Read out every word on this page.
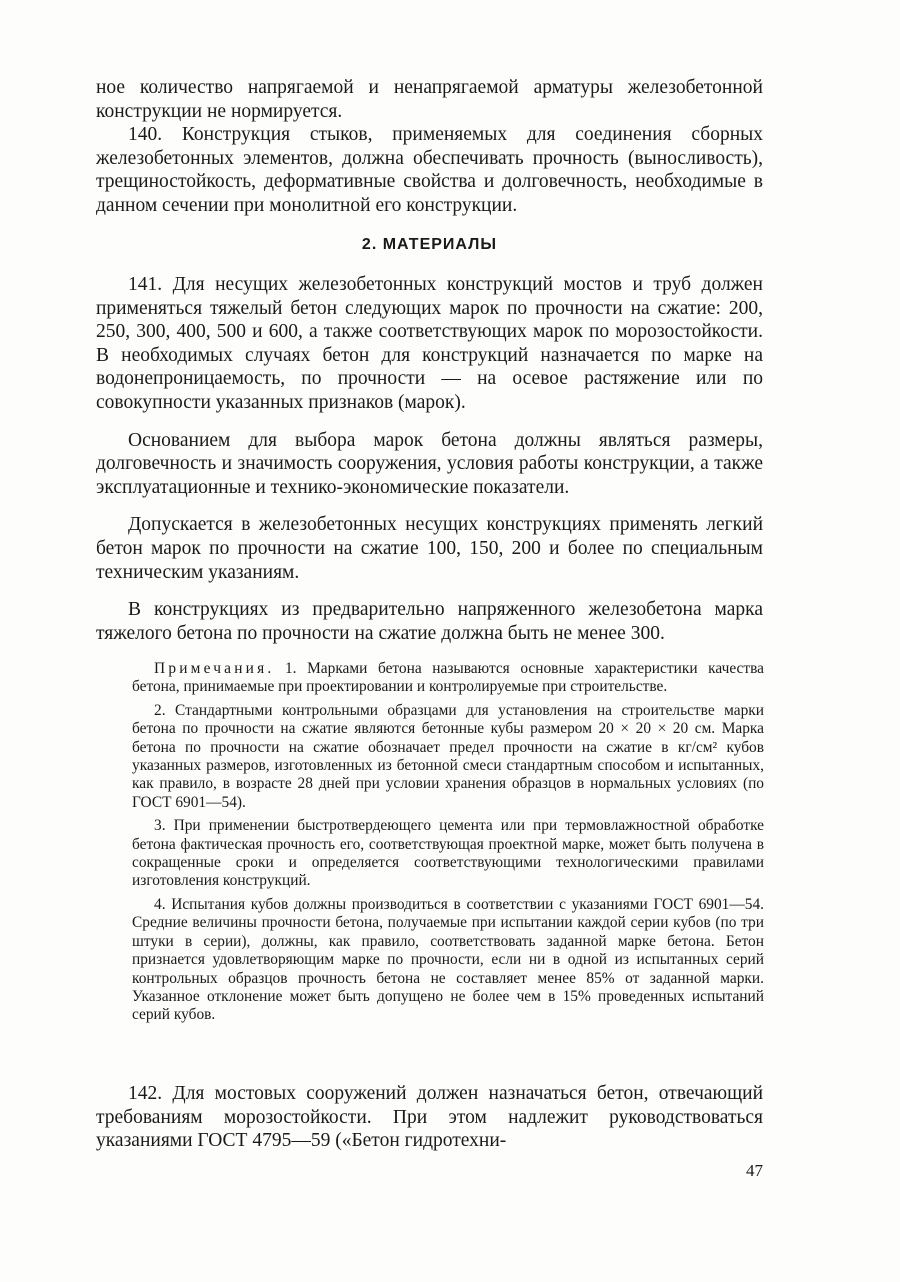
ное количество напрягаемой и ненапрягаемой арматуры железобетонной конструкции не нормируется.

140. Конструкция стыков, применяемых для соединения сборных железобетонных элементов, должна обеспечивать прочность (выносливость), трещиностойкость, деформативные свойства и долговечность, необходимые в данном сечении при монолитной его конструкции.

2. МАТЕРИАЛЫ

141. Для несущих железобетонных конструкций мостов и труб должен применяться тяжелый бетон следующих марок по прочности на сжатие: 200, 250, 300, 400, 500 и 600, а также соответствующих марок по морозостойкости. В необходимых случаях бетон для конструкций назначается по марке на водонепроницаемость, по прочности — на осевое растяжение или по совокупности указанных признаков (марок).

Основанием для выбора марок бетона должны являться размеры, долговечность и значимость сооружения, условия работы конструкции, а также эксплуатационные и технико-экономические показатели.

Допускается в железобетонных несущих конструкциях применять легкий бетон марок по прочности на сжатие 100, 150, 200 и более по специальным техническим указаниям.

В конструкциях из предварительно напряженного железобетона марка тяжелого бетона по прочности на сжатие должна быть не менее 300.

Примечания. 1. Марками бетона называются основные характеристики качества бетона, принимаемые при проектировании и контролируемые при строительстве.

2. Стандартными контрольными образцами для установления на строительстве марки бетона по прочности на сжатие являются бетонные кубы размером 20 × 20 × 20 см. Марка бетона по прочности на сжатие обозначает предел прочности на сжатие в кг/см² кубов указанных размеров, изготовленных из бетонной смеси стандартным способом и испытанных, как правило, в возрасте 28 дней при условии хранения образцов в нормальных условиях (по ГОСТ 6901—54).

3. При применении быстротвердеющего цемента или при термовлажностной обработке бетона фактическая прочность его, соответствующая проектной марке, может быть получена в сокращенные сроки и определяется соответствующими технологическими правилами изготовления конструкций.

4. Испытания кубов должны производиться в соответствии с указаниями ГОСТ 6901—54. Средние величины прочности бетона, получаемые при испытании каждой серии кубов (по три штуки в серии), должны, как правило, соответствовать заданной марке бетона. Бетон признается удовлетворяющим марке по прочности, если ни в одной из испытанных серий контрольных образцов прочность бетона не составляет менее 85% от заданной марки. Указанное отклонение может быть допущено не более чем в 15% проведенных испытаний серий кубов.

142. Для мостовых сооружений должен назначаться бетон, отвечающий требованиям морозостойкости. При этом надлежит руководствоваться указаниями ГОСТ 4795—59 («Бетон гидротехни-

47
